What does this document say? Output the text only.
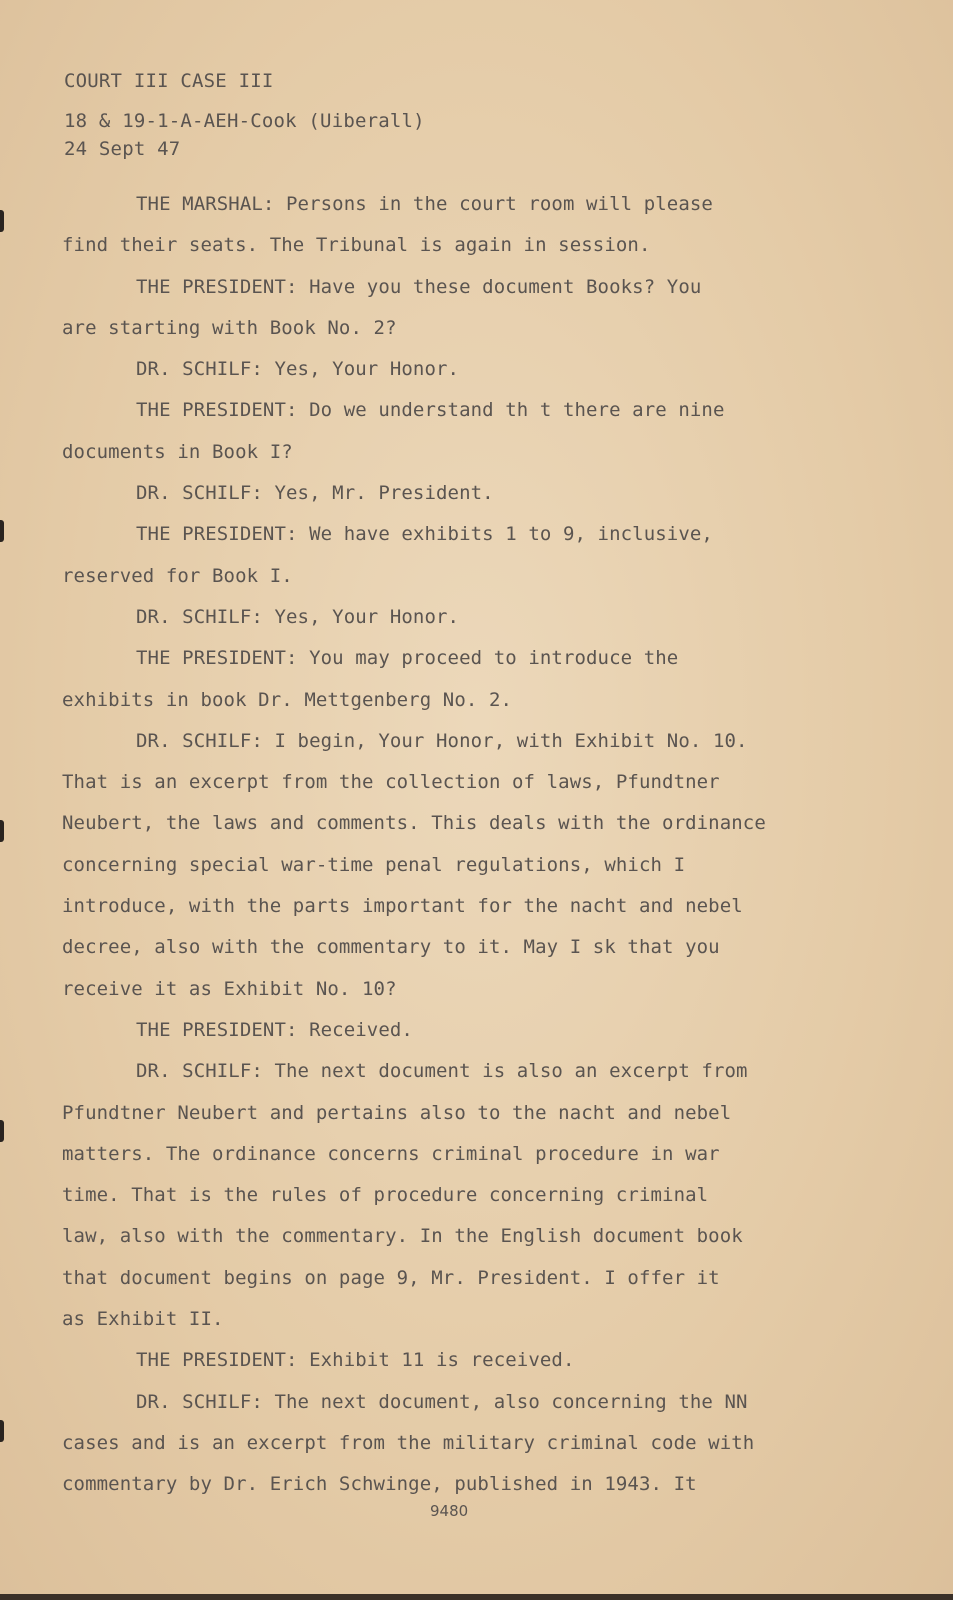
COURT III CASE III
18 & 19-1-A-AEH-Cook (Uiberall)
24 Sept 47
THE MARSHAL: Persons in the court room will please
find their seats. The Tribunal is again in session.
THE PRESIDENT: Have you these document Books? You
are starting with Book No. 2?
DR. SCHILF: Yes, Your Honor.
THE PRESIDENT: Do we understand th t there are nine
documents in Book I?
DR. SCHILF: Yes, Mr. President.
THE PRESIDENT: We have exhibits 1 to 9, inclusive,
reserved for Book I.
DR. SCHILF: Yes, Your Honor.
THE PRESIDENT: You may proceed to introduce the
exhibits in book Dr. Mettgenberg No. 2.
DR. SCHILF: I begin, Your Honor, with Exhibit No. 10.
That is an excerpt from the collection of laws, Pfundtner
Neubert, the laws and comments. This deals with the ordinance
concerning special war-time penal regulations, which I
introduce, with the parts important for the nacht and nebel
decree, also with the commentary to it. May I sk that you
receive it as Exhibit No. 10?
THE PRESIDENT: Received.
DR. SCHILF: The next document is also an excerpt from
Pfundtner Neubert and pertains also to the nacht and nebel
matters. The ordinance concerns criminal procedure in war
time. That is the rules of procedure concerning criminal
law, also with the commentary. In the English document book
that document begins on page 9, Mr. President. I offer it
as Exhibit II.
THE PRESIDENT: Exhibit 11 is received.
DR. SCHILF: The next document, also concerning the NN
cases and is an excerpt from the military criminal code with
commentary by Dr. Erich Schwinge, published in 1943. It
9480
